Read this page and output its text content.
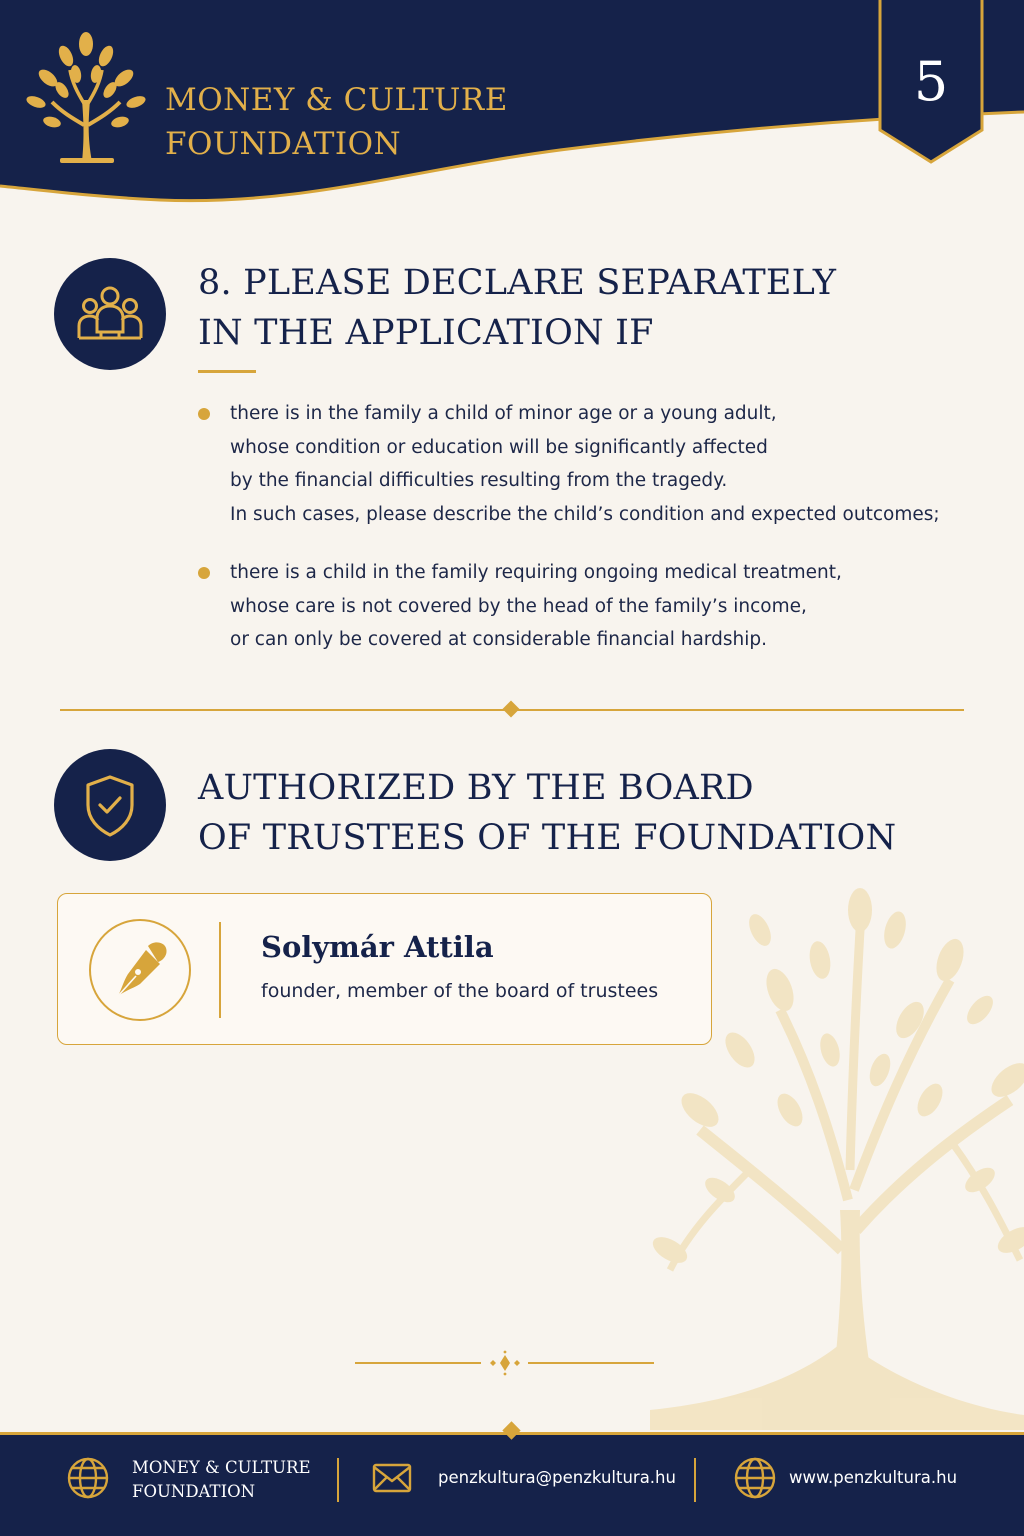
MONEY & CULTURE
FOUNDATION
5
8. PLEASE DECLARE SEPARATELY
IN THE APPLICATION IF
there is in the family a child of minor age or a young adult,
whose condition or education will be significantly affected
by the financial difficulties resulting from the tragedy.
In such cases, please describe the child’s condition and expected outcomes;
there is a child in the family requiring ongoing medical treatment,
whose care is not covered by the head of the family’s income,
or can only be covered at considerable financial hardship.
AUTHORIZED BY THE BOARD
OF TRUSTEES OF THE FOUNDATION
Solymár Attila
founder, member of the board of trustees
MONEY & CULTURE
FOUNDATION
penzkultura@penzkultura.hu	www.penzkultura.hu
